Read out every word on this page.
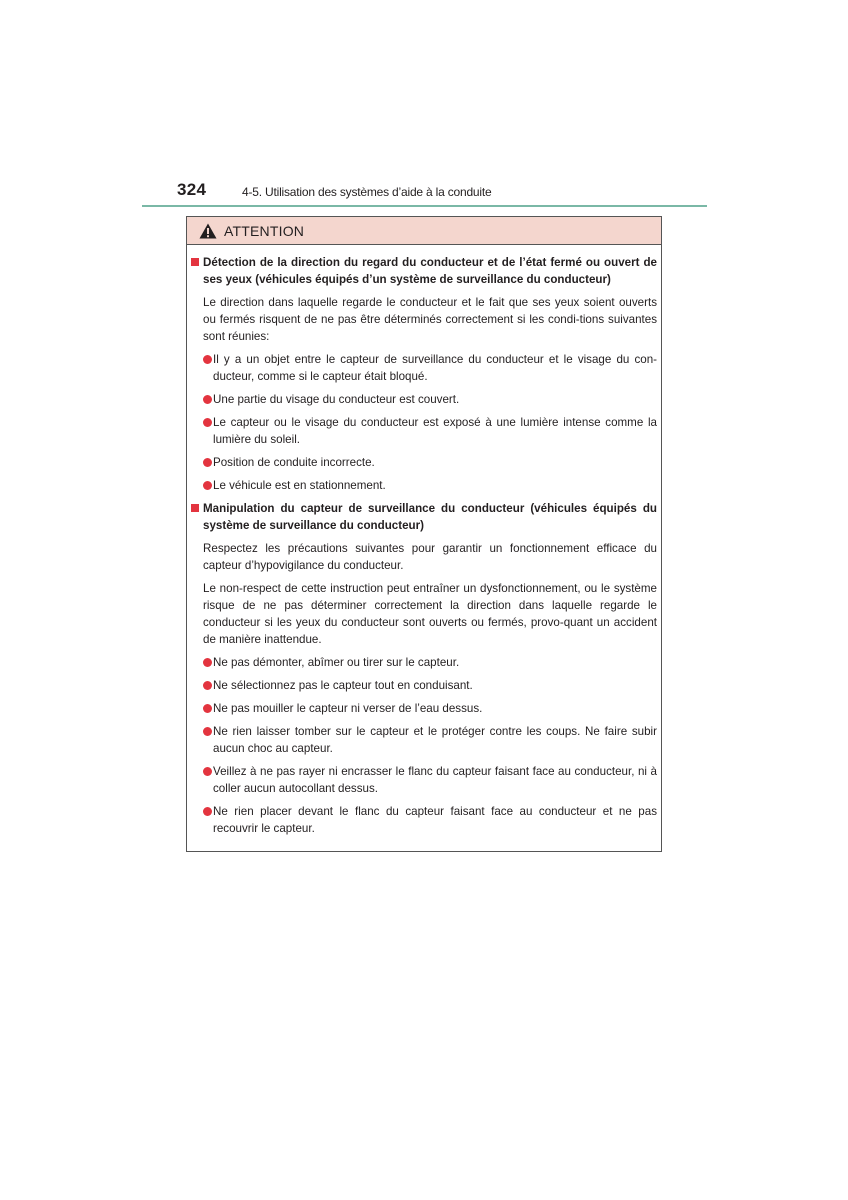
324	4-5. Utilisation des systèmes d’aide à la conduite
ATTENTION
Détection de la direction du regard du conducteur et de l’état fermé ou ouvert de ses yeux (véhicules équipés d’un système de surveillance du conducteur)

Le direction dans laquelle regarde le conducteur et le fait que ses yeux soient ouverts ou fermés risquent de ne pas être déterminés correctement si les condi-tions suivantes sont réunies:

Il y a un objet entre le capteur de surveillance du conducteur et le visage du con-ducteur, comme si le capteur était bloqué.
Une partie du visage du conducteur est couvert.
Le capteur ou le visage du conducteur est exposé à une lumière intense comme la lumière du soleil.
Position de conduite incorrecte.
Le véhicule est en stationnement.
Manipulation du capteur de surveillance du conducteur (véhicules équipés du système de surveillance du conducteur)

Respectez les précautions suivantes pour garantir un fonctionnement efficace du capteur d’hypovigilance du conducteur.

Le non-respect de cette instruction peut entraîner un dysfonctionnement, ou le système risque de ne pas déterminer correctement la direction dans laquelle regarde le conducteur si les yeux du conducteur sont ouverts ou fermés, provo-quant un accident de manière inattendue.

Ne pas démonter, abîmer ou tirer sur le capteur.
Ne sélectionnez pas le capteur tout en conduisant.
Ne pas mouiller le capteur ni verser de l’eau dessus.
Ne rien laisser tomber sur le capteur et le protéger contre les coups. Ne faire subir aucun choc au capteur.
Veillez à ne pas rayer ni encrasser le flanc du capteur faisant face au conducteur, ni à coller aucun autocollant dessus.
Ne rien placer devant le flanc du capteur faisant face au conducteur et ne pas recouvrir le capteur.
